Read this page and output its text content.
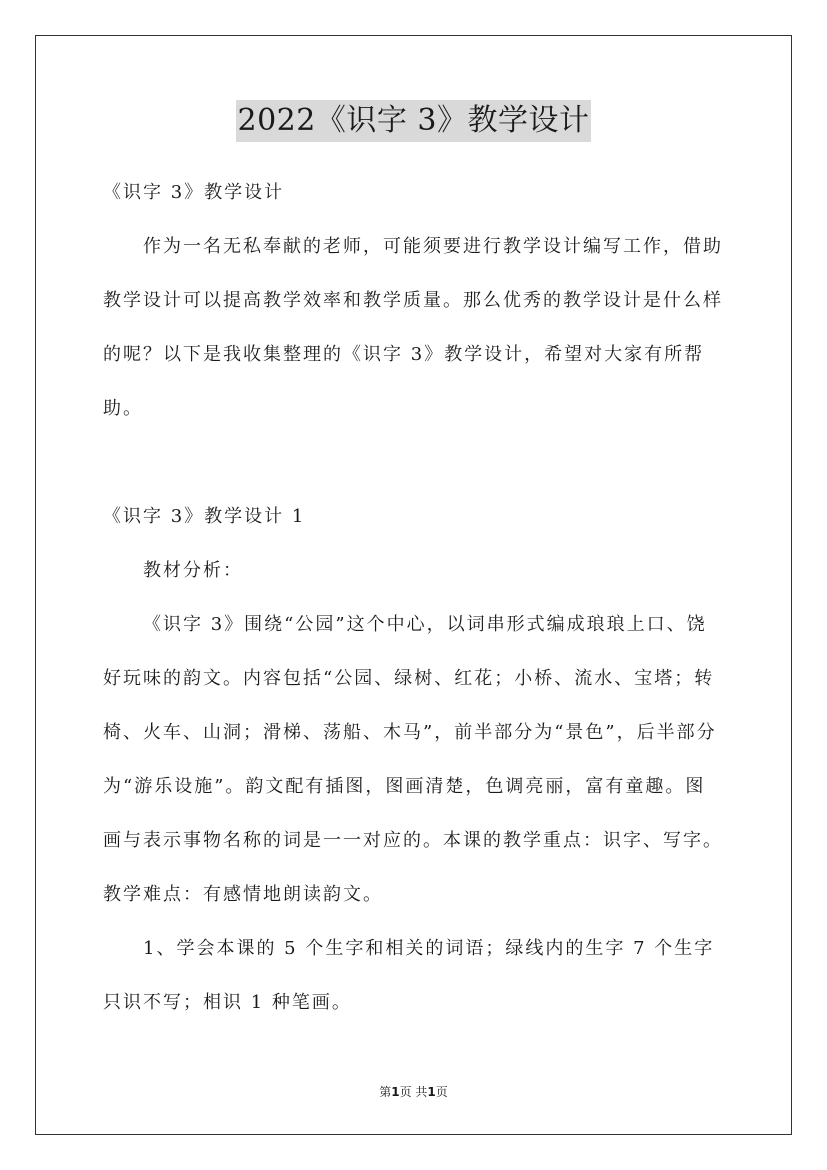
2022《识字 3》教学设计

《识字 3》教学设计

作为一名无私奉献的老师，可能须要进行教学设计编写工作，借助教学设计可以提高教学效率和教学质量。那么优秀的教学设计是什么样的呢？以下是我收集整理的《识字 3》教学设计，希望对大家有所帮助。

《识字 3》教学设计 1

教材分析：

《识字 3》围绕“公园”这个中心，以词串形式编成琅琅上口、饶好玩味的韵文。内容包括“公园、绿树、红花；小桥、流水、宝塔；转椅、火车、山洞；滑梯、荡船、木马”，前半部分为“景色”，后半部分为“游乐设施”。韵文配有插图，图画清楚，色调亮丽，富有童趣。图画与表示事物名称的词是一一对应的。本课的教学重点：识字、写字。教学难点：有感情地朗读韵文。

1、学会本课的 5 个生字和相关的词语；绿线内的生字 7 个生字只识不写；相识 1 种笔画。

第1页 共1页
